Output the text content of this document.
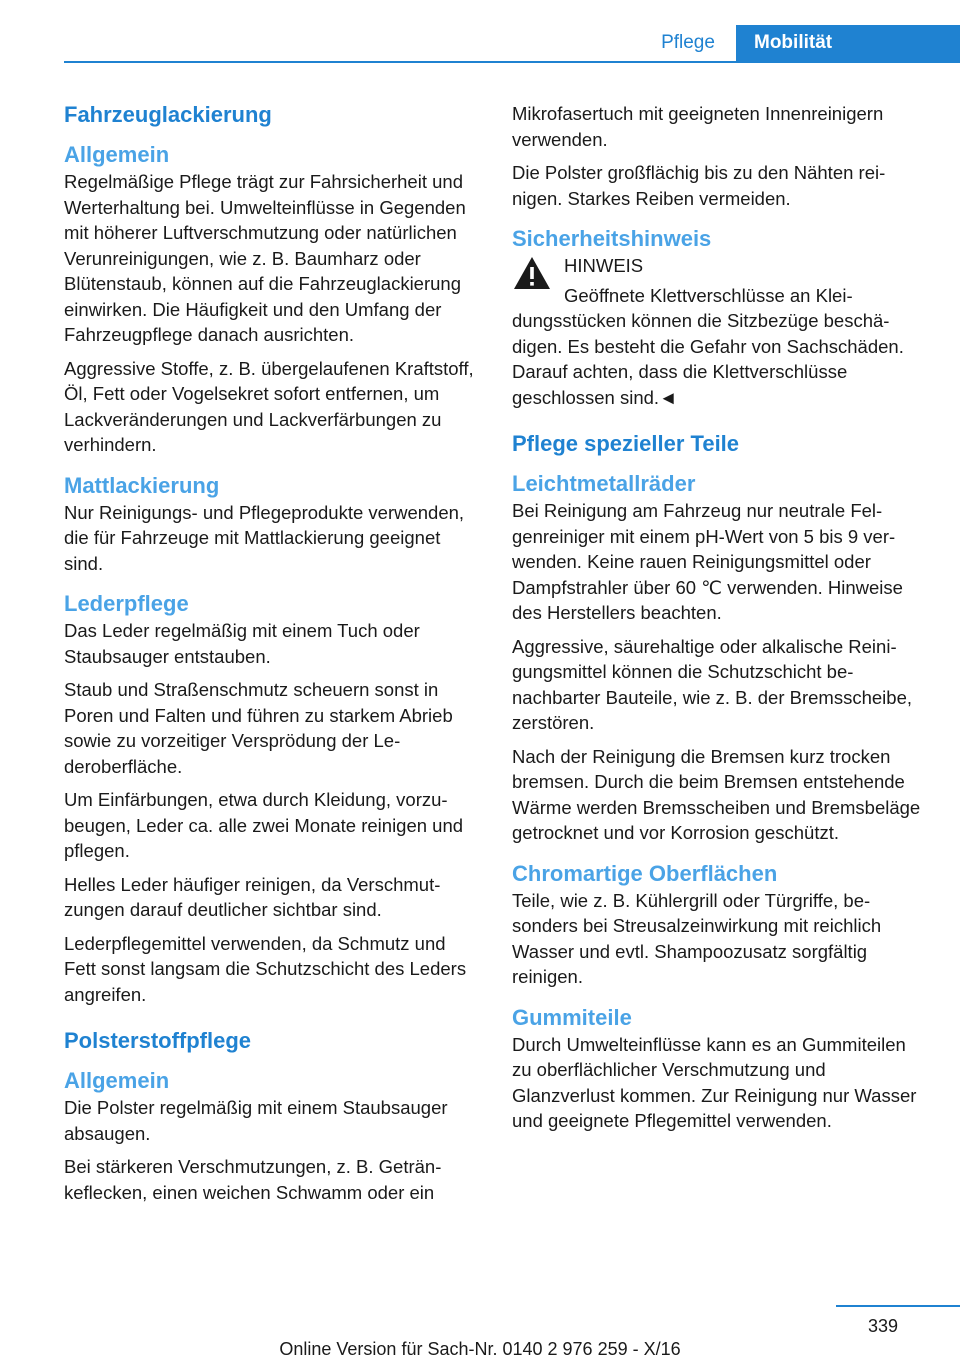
Pflege	Mobilität
Fahrzeuglackierung
Allgemein

Regelmäßige Pflege trägt zur Fahrsicherheit und Werterhaltung bei. Umwelteinflüsse in Gegenden mit höherer Luftverschmutzung oder natürlichen Verunreinigungen, wie z. B. Baumharz oder Blütenstaub, können auf die Fahrzeuglackierung einwirken. Die Häufigkeit und den Umfang der Fahrzeugpflege danach ausrichten.

Aggressive Stoffe, z. B. übergelaufenen Kraftstoff, Öl, Fett oder Vogelsekret sofort entfernen, um Lackveränderungen und Lackverfärbungen zu verhindern.

Mattlackierung

Nur Reinigungs- und Pflegeprodukte verwenden, die für Fahrzeuge mit Mattlackierung geeignet sind.

Lederpflege

Das Leder regelmäßig mit einem Tuch oder Staubsauger entstauben.

Staub und Straßenschmutz scheuern sonst in Poren und Falten und führen zu starkem Abrieb sowie zu vorzeitiger Versprödung der Lederoberfläche.

Um Einfärbungen, etwa durch Kleidung, vorzubeugen, Leder ca. alle zwei Monate reinigen und pflegen.

Helles Leder häufiger reinigen, da Verschmutzungen darauf deutlicher sichtbar sind.

Lederpflegemittel verwenden, da Schmutz und Fett sonst langsam die Schutzschicht des Leders angreifen.

Polsterstoffpflege
Allgemein

Die Polster regelmäßig mit einem Staubsauger absaugen.

Bei stärkeren Verschmutzungen, z. B. Getränkeflecken, einen weichen Schwamm oder ein

Mikrofasertuch mit geeigneten Innenreinigern verwenden.

Die Polster großflächig bis zu den Nähten reinigen. Starkes Reiben vermeiden.

Sicherheitshinweis

HINWEIS

Geöffnete Klettverschlüsse an Kleidungsstücken können die Sitzbezüge beschädigen. Es besteht die Gefahr von Sachschäden. Darauf achten, dass die Klettverschlüsse geschlossen sind.◄

Pflege spezieller Teile
Leichtmetallräder

Bei Reinigung am Fahrzeug nur neutrale Felgenreiniger mit einem pH-Wert von 5 bis 9 verwenden. Keine rauen Reinigungsmittel oder Dampfstrahler über 60 ℃ verwenden. Hinweise des Herstellers beachten.

Aggressive, säurehaltige oder alkalische Reinigungsmittel können die Schutzschicht benachbarter Bauteile, wie z. B. der Bremsscheibe, zerstören.

Nach der Reinigung die Bremsen kurz trocken bremsen. Durch die beim Bremsen entstehende Wärme werden Bremsscheiben und Bremsbeläge getrocknet und vor Korrosion geschützt.

Chromartige Oberflächen

Teile, wie z. B. Kühlergrill oder Türgriffe, besonders bei Streusalzeinwirkung mit reichlich Wasser und evtl. Shampoozusatz sorgfältig reinigen.

Gummiteile

Durch Umwelteinflüsse kann es an Gummiteilen zu oberflächlicher Verschmutzung und Glanzverlust kommen. Zur Reinigung nur Wasser und geeignete Pflegemittel verwenden.

339
Online Version für Sach-Nr. 0140 2 976 259 - X/16
